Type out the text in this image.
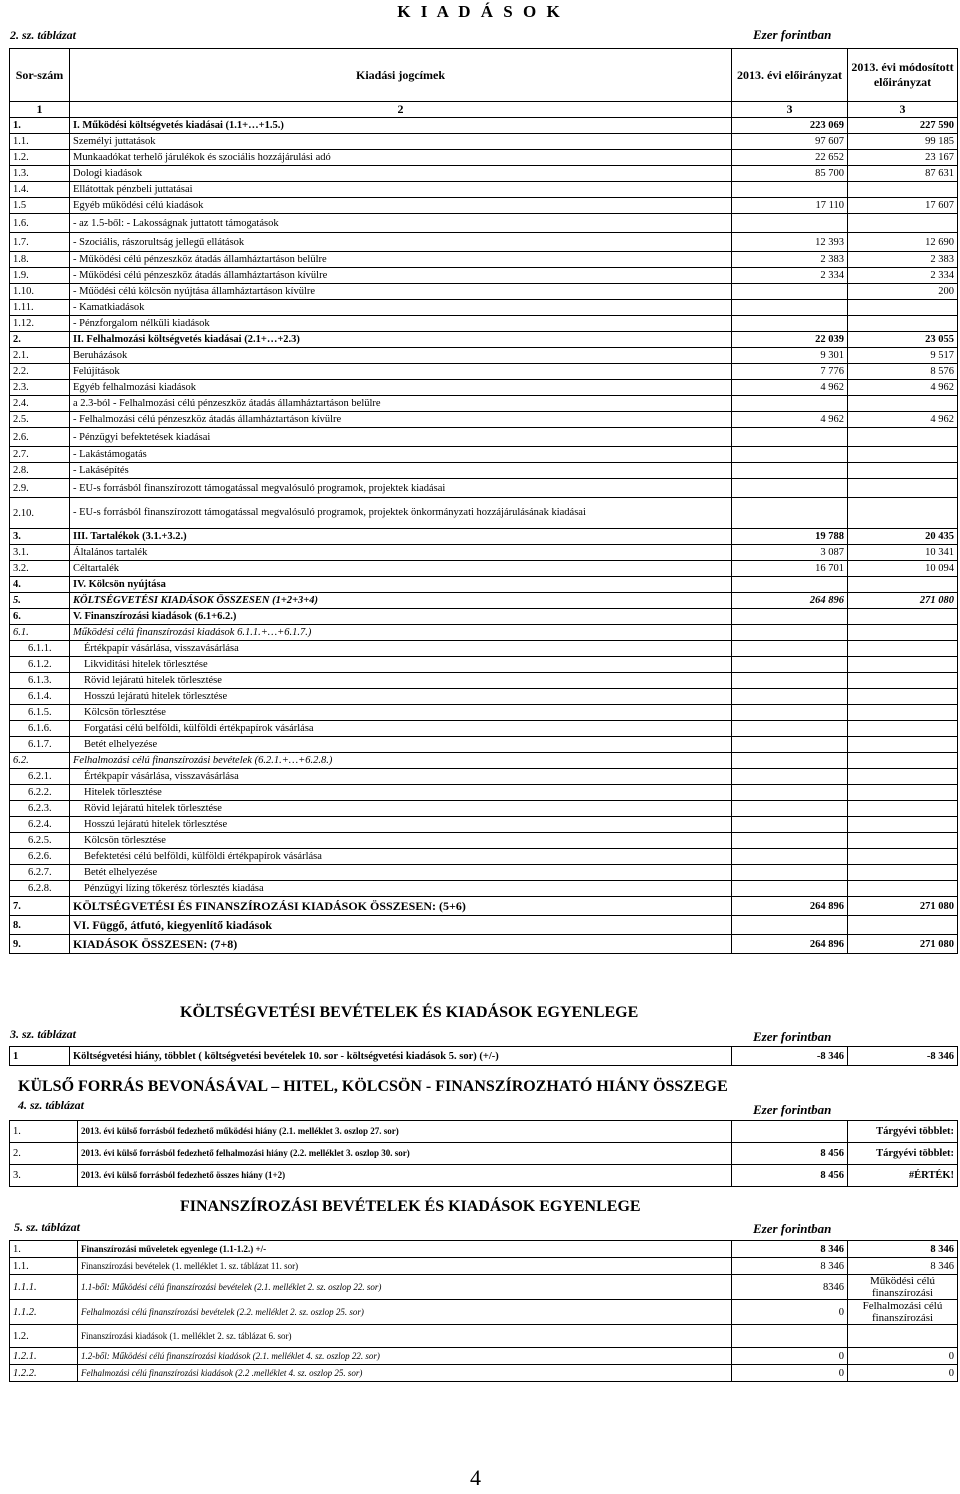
K I A D Á S O K
2. sz. táblázat	Ezer forintban
Sor-szám	Kiadási jogcímek	2013. évi előirányzat	2013. évi módosított előirányzat
1	2	3	3
1.	I. Működési költségvetés kiadásai (1.1+…+1.5.)	223 069	227 590
1.1.	Személyi juttatások	97 607	99 185
1.2.	Munkaadókat terhelő járulékok és szociális hozzájárulási adó	22 652	23 167
1.3.	Dologi kiadások	85 700	87 631
1.4.	Ellátottak pénzbeli juttatásai		
1.5	Egyéb működési célú kiadások	17 110	17 607
1.6.	- az 1.5-ből: - Lakosságnak juttatott támogatások		
1.7.	- Szociális, rászorultság jellegű ellátások	12 393	12 690
1.8.	- Működési célú pénzeszköz átadás államháztartáson belülre	2 383	2 383
1.9.	- Működési célú pénzeszköz átadás államháztartáson kívülre	2 334	2 334
1.10.	- Műödési célú kölcsön nyújtása államháztartáson kívülre		200
1.11.	- Kamatkiadások		
1.12.	- Pénzforgalom nélküli kiadások		
2.	II. Felhalmozási költségvetés kiadásai (2.1+…+2.3)	22 039	23 055
2.1.	Beruházások	9 301	9 517
2.2.	Felújítások	7 776	8 576
2.3.	Egyéb felhalmozási kiadások	4 962	4 962
2.4.	a 2.3-ból - Felhalmozási célú pénzeszköz átadás államháztartáson belülre		
2.5.	- Felhalmozási célú pénzeszköz átadás államháztartáson kívülre	4 962	4 962
2.6.	- Pénzügyi befektetések kiadásai		
2.7.	- Lakástámogatás		
2.8.	- Lakásépítés		
2.9.	- EU-s forrásból finanszírozott támogatással megvalósuló programok, projektek kiadásai		
2.10.	- EU-s forrásból finanszírozott támogatással megvalósuló programok, projektek önkormányzati hozzájárulásának kiadásai		
3.	III. Tartalékok (3.1.+3.2.)	19 788	20 435
3.1.	Általános tartalék	3 087	10 341
3.2.	Céltartalék	16 701	10 094
4.	IV. Kölcsön nyújtása		
5.	KÖLTSÉGVETÉSI KIADÁSOK ÖSSZESEN (1+2+3+4)	264 896	271 080
6.	V. Finanszírozási kiadások (6.1+6.2.)		
6.1.	Működési célú finanszírozási kiadások 6.1.1.+…+6.1.7.)		
6.1.1.	Értékpapír vásárlása, visszavásárlása		
6.1.2.	Likviditási hitelek törlesztése		
6.1.3.	Rövid lejáratú hitelek törlesztése		
6.1.4.	Hosszú lejáratú hitelek törlesztése		
6.1.5.	Kölcsön törlesztése		
6.1.6.	Forgatási célú belföldi, külföldi értékpapírok vásárlása		
6.1.7.	Betét elhelyezése		
6.2.	Felhalmozási célú finanszírozási bevételek (6.2.1.+…+6.2.8.)		
6.2.1.	Értékpapír vásárlása, visszavásárlása		
6.2.2.	Hitelek törlesztése		
6.2.3.	Rövid lejáratú hitelek törlesztése		
6.2.4.	Hosszú lejáratú hitelek törlesztése		
6.2.5.	Kölcsön törlesztése		
6.2.6.	Befektetési célú belföldi, külföldi értékpapírok vásárlása		
6.2.7.	Betét elhelyezése		
6.2.8.	Pénzügyi lízing tőkerész törlesztés kiadása		
7.	KÖLTSÉGVETÉSI ÉS FINANSZÍROZÁSI KIADÁSOK ÖSSZESEN: (5+6)	264 896	271 080
8.	VI. Függő, átfutó, kiegyenlítő kiadások		
9.	KIADÁSOK ÖSSZESEN: (7+8)	264 896	271 080
KÖLTSÉGVETÉSI BEVÉTELEK ÉS KIADÁSOK EGYENLEGE
3. sz. táblázat	Ezer forintban
1	Költségvetési hiány, többlet ( költségvetési bevételek 10. sor - költségvetési kiadások 5. sor) (+/-)	-8 346	-8 346
KÜLSŐ FORRÁS BEVONÁSÁVAL – HITEL, KÖLCSÖN - FINANSZÍROZHATÓ HIÁNY ÖSSZEGE
4. sz. táblázat	Ezer forintban
1.	2013. évi külső forrásból fedezhető működési hiány (2.1. melléklet 3. oszlop 27. sor)		Tárgyévi többlet:
2.	2013. évi külső forrásból fedezhető felhalmozási hiány (2.2. melléklet 3. oszlop 30. sor)	8 456	Tárgyévi többlet:
3.	2013. évi külső forrásból fedezhető összes hiány (1+2)	8 456	#ÉRTÉK!
FINANSZÍROZÁSI BEVÉTELEK ÉS KIADÁSOK EGYENLEGE
5. sz. táblázat	Ezer forintban
1.	Finanszírozási műveletek egyenlege (1.1-1.2.) +/-	8 346	8 346
1.1.	Finanszírozási bevételek (1. melléklet 1. sz. táblázat 11. sor)	8 346	8 346
1.1.1.	1.1-ből: Működési célú finanszírozási bevételek (2.1. melléklet 2. sz. oszlop 22. sor)	8346	Működési célú finanszírozási
1.1.2.	Felhalmozási célú finanszírozási bevételek (2.2. melléklet 2. sz. oszlop 25. sor)	0	Felhalmozási célú finanszírozási
1.2.	Finanszírozási kiadások (1. melléklet 2. sz. táblázat 6. sor)		
1.2.1.	1.2-ből: Működési célú finanszírozási kiadások (2.1. melléklet 4. sz. oszlop 22. sor)	0	0
1.2.2.	Felhalmozási célú finanszírozási kiadások (2.2 .melléklet 4. sz. oszlop 25. sor)	0	0
4
